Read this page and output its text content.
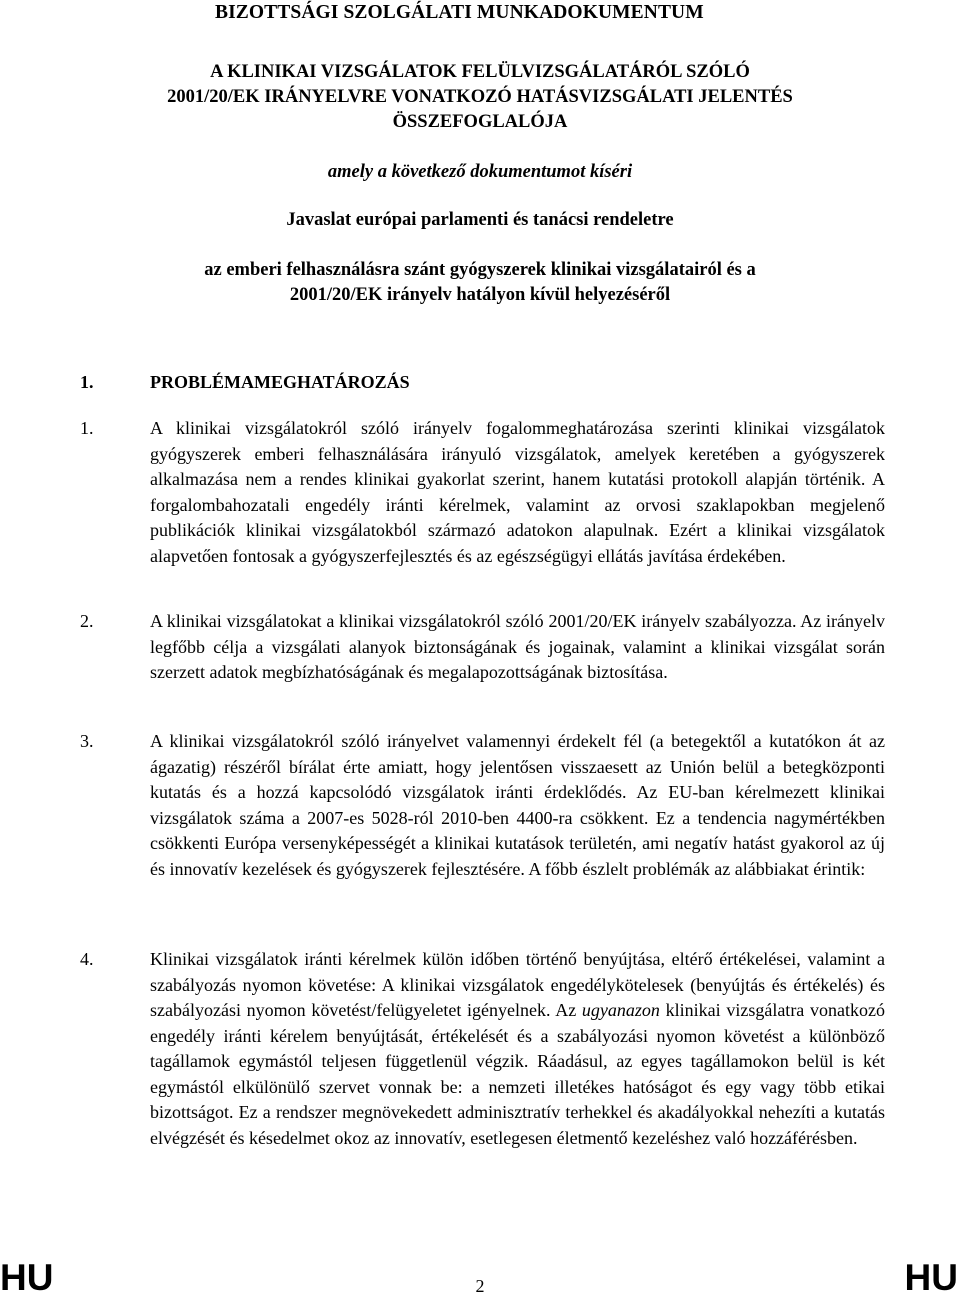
BIZOTTSÁGI SZOLGÁLATI MUNKADOKUMENTUM
A KLINIKAI VIZSGÁLATOK FELÜLVIZSGÁLATÁRÓL SZÓLÓ
2001/20/EK IRÁNYELVRE VONATKOZÓ HATÁSVIZSGÁLATI JELENTÉS
ÖSSZEFOGLALÓJA
amely a következő dokumentumot kíséri
Javaslat európai parlamenti és tanácsi rendeletre
az emberi felhasználásra szánt gyógyszerek klinikai vizsgálatairól és a
2001/20/EK irányelv hatályon kívül helyezéséről
1.	PROBLÉMAMEGHATÁROZÁS
1.	A klinikai vizsgálatokról szóló irányelv fogalommeghatározása szerinti klinikai vizsgálatok gyógyszerek emberi felhasználására irányuló vizsgálatok, amelyek keretében a gyógyszerek alkalmazása nem a rendes klinikai gyakorlat szerint, hanem kutatási protokoll alapján történik. A forgalombahozatali engedély iránti kérelmek, valamint az orvosi szaklapokban megjelenő publikációk klinikai vizsgálatokból származó adatokon alapulnak. Ezért a klinikai vizsgálatok alapvetően fontosak a gyógyszerfejlesztés és az egészségügyi ellátás javítása érdekében.
2.	A klinikai vizsgálatokat a klinikai vizsgálatokról szóló 2001/20/EK irányelv szabályozza. Az irányelv legfőbb célja a vizsgálati alanyok biztonságának és jogainak, valamint a klinikai vizsgálat során szerzett adatok megbízhatóságának és megalapozottságának biztosítása.
3.	A klinikai vizsgálatokról szóló irányelvet valamennyi érdekelt fél (a betegektől a kutatókon át az ágazatig) részéről bírálat érte amiatt, hogy jelentősen visszaesett az Unión belül a betegközponti kutatás és a hozzá kapcsolódó vizsgálatok iránti érdeklődés. Az EU-ban kérelmezett klinikai vizsgálatok száma a 2007-es 5028-ról 2010-ben 4400-ra csökkent. Ez a tendencia nagymértékben csökkenti Európa versenyképességét a klinikai kutatások területén, ami negatív hatást gyakorol az új és innovatív kezelések és gyógyszerek fejlesztésére. A főbb észlelt problémák az alábbiakat érintik:
4.	Klinikai vizsgálatok iránti kérelmek külön időben történő benyújtása, eltérő értékelései, valamint a szabályozás nyomon követése: A klinikai vizsgálatok engedélykötelesek (benyújtás és értékelés) és szabályozási nyomon követést/felügyeletet igényelnek. Az ugyanazon klinikai vizsgálatra vonatkozó engedély iránti kérelem benyújtását, értékelését és a szabályozási nyomon követést a különböző tagállamok egymástól teljesen függetlenül végzik. Ráadásul, az egyes tagállamokon belül is két egymástól elkülönülő szervet vonnak be: a nemzeti illetékes hatóságot és egy vagy több etikai bizottságot. Ez a rendszer megnövekedett adminisztratív terhekkel és akadályokkal nehezíti a kutatás elvégzését és késedelmet okoz az innovatív, esetlegesen életmentő kezeléshez való hozzáférésben.
HU	2	HU
